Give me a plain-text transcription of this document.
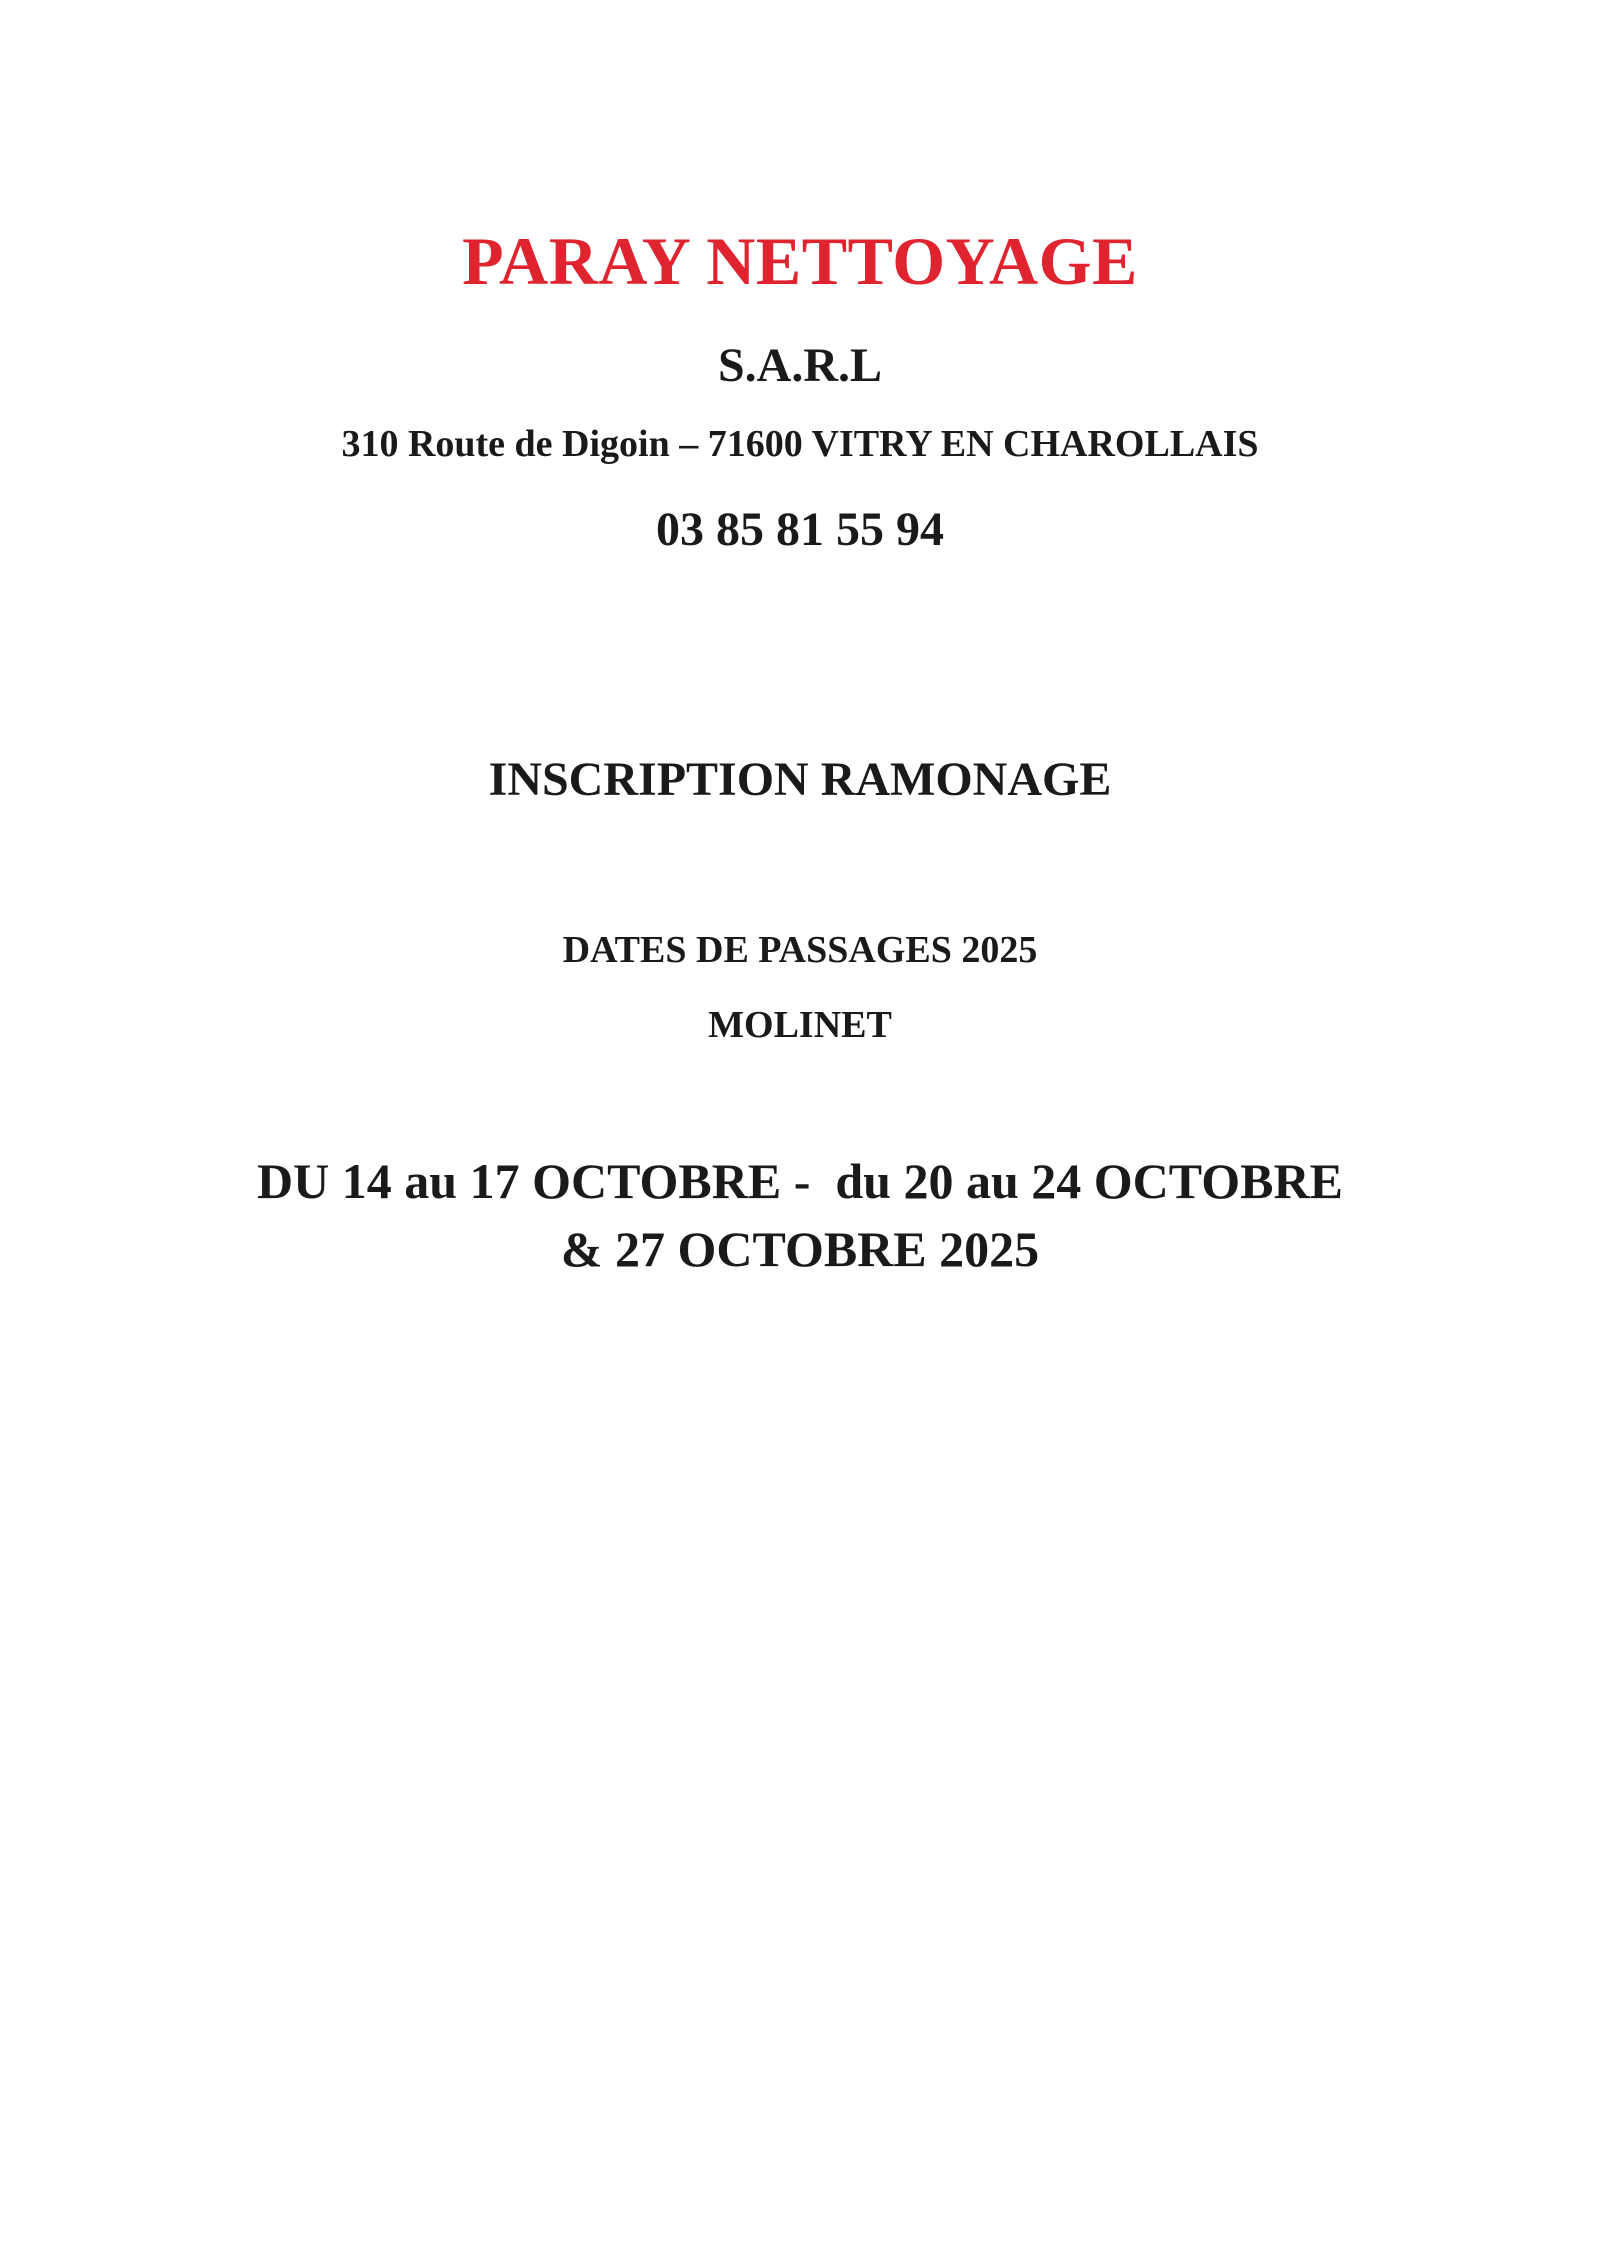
PARAY NETTOYAGE

S.A.R.L

310 Route de Digoin – 71600 VITRY EN CHAROLLAIS

03 85 81 55 94

INSCRIPTION RAMONAGE

DATES DE PASSAGES 2025

MOLINET

DU 14 au 17 OCTOBRE -  du 20 au 24 OCTOBRE

& 27 OCTOBRE 2025
